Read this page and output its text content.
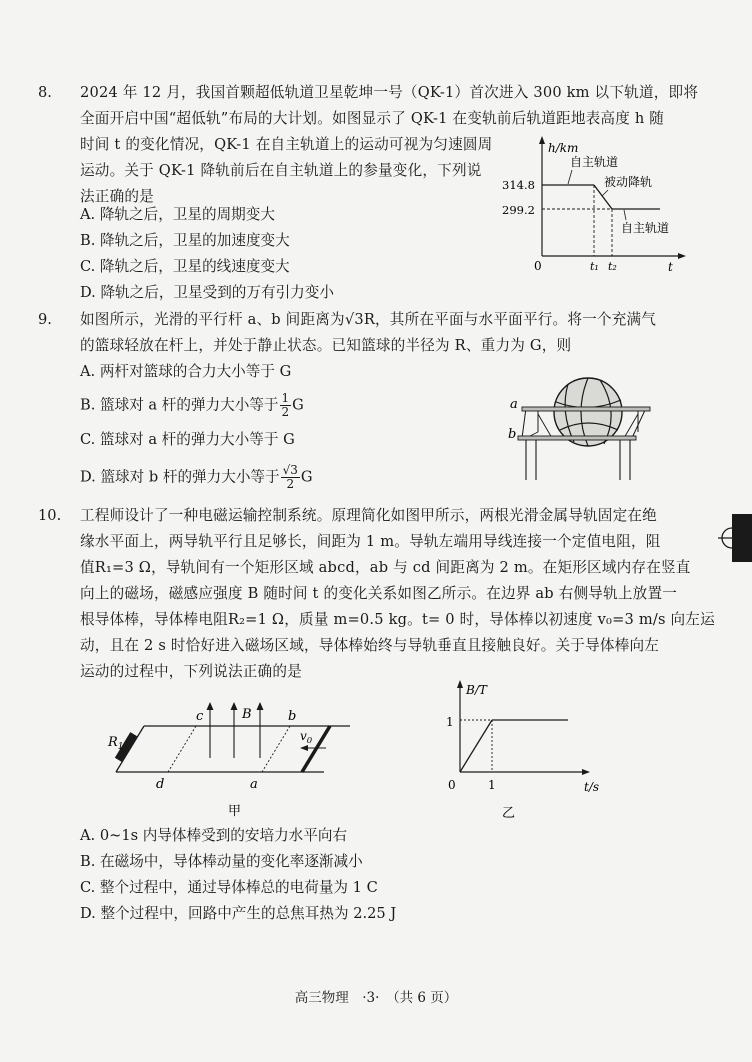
8. 2024 年 12 月，我国首颗超低轨道卫星乾坤一号（QK-1）首次进入 300 km 以下轨道，即将
全面开启中国“超低轨”布局的大计划。如图显示了 QK-1 在变轨前后轨道距地表高度 h 随
时间 t 的变化情况，QK-1 在自主轨道上的运动可视为匀速圆周
运动。关于 QK-1 降轨前后在自主轨道上的参量变化，下列说
法正确的是
A. 降轨之后，卫星的周期变大
B. 降轨之后，卫星的加速度变大
C. 降轨之后，卫星的线速度变大
D. 降轨之后，卫星受到的万有引力变小
h/km
t
0
314.8
299.2
t₁ t₂
自主轨道
被动降轨
自主轨道
9. 如图所示，光滑的平行杆 a、b 间距离为√3R，其所在平面与水平面平行。将一个充满气
的篮球轻放在杆上，并处于静止状态。已知篮球的半径为 R、重力为 G，则
A. 两杆对篮球的合力大小等于 G
B. 篮球对 a 杆的弹力大小等于 $\frac{1}{2}$ G
C. 篮球对 a 杆的弹力大小等于 G
D. 篮球对 b 杆的弹力大小等于 $\frac{√3}{2}$ G
a
b
10. 工程师设计了一种电磁运输控制系统。原理简化如图甲所示，两根光滑金属导轨固定在绝
缘水平面上，两导轨平行且足够长，间距为 1 m。导轨左端用导线连接一个定值电阻，阻
值R₁=3 Ω，导轨间有一个矩形区域 abcd，ab 与 cd 间距离为 2 m。在矩形区域内存在竖直
向上的磁场，磁感应强度 B 随时间 t 的变化关系如图乙所示。在边界 ab 右侧导轨上放置一
根导体棒，导体棒电阻R₂=1 Ω，质量 m=0.5 kg。t= 0 时，导体棒以初速度 v₀=3 m/s 向左运
动，且在 2 s 时恰好进入磁场区域，导体棒始终与导轨垂直且接触良好。关于导体棒向左
运动的过程中，下列说法正确的是
$R_1$
$v_0$
c	B	b
d	a
甲
B/T
t/s
0
1
1
乙
A. 0~1s 内导体棒受到的安培力水平向右
B. 在磁场中，导体棒动量的变化率逐渐减小
C. 整个过程中，通过导体棒总的电荷量为 1 C
D. 整个过程中，回路中产生的总焦耳热为 2.25 J
高三物理　·3·　（共 6 页）
